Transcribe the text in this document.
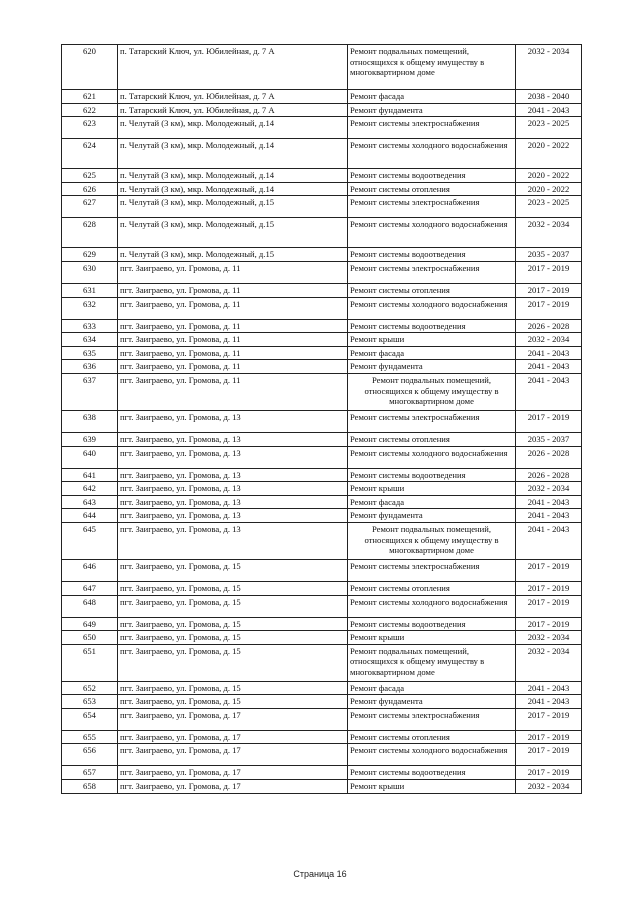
620	п. Татарский Ключ, ул. Юбилейная, д. 7 А	Ремонт подвальных помещений, относящихся к общему имуществу в многоквартирном доме	2032 - 2034
621	п. Татарский Ключ, ул. Юбилейная, д. 7 А	Ремонт фасада	2038 - 2040
622	п. Татарский Ключ, ул. Юбилейная, д. 7 А	Ремонт фундамента	2041 - 2043
623	п. Челутай (3 км), мкр. Молодежный, д.14	Ремонт системы электроснабжения	2023 - 2025
624	п. Челутай (3 км), мкр. Молодежный, д.14	Ремонт системы холодного водоснабжения	2020 - 2022
625	п. Челутай (3 км), мкр. Молодежный, д.14	Ремонт системы водоотведения	2020 - 2022
626	п. Челутай (3 км), мкр. Молодежный, д.14	Ремонт системы отопления	2020 - 2022
627	п. Челутай (3 км), мкр. Молодежный, д.15	Ремонт системы электроснабжения	2023 - 2025
628	п. Челутай (3 км), мкр. Молодежный, д.15	Ремонт системы холодного водоснабжения	2032 - 2034
629	п. Челутай (3 км), мкр. Молодежный, д.15	Ремонт системы водоотведения	2035 - 2037
630	пгт. Заиграево, ул. Громова, д. 11	Ремонт системы электроснабжения	2017 - 2019
631	пгт. Заиграево, ул. Громова, д. 11	Ремонт системы отопления	2017 - 2019
632	пгт. Заиграево, ул. Громова, д. 11	Ремонт системы холодного водоснабжения	2017 - 2019
633	пгт. Заиграево, ул. Громова, д. 11	Ремонт системы водоотведения	2026 - 2028
634	пгт. Заиграево, ул. Громова, д. 11	Ремонт крыши	2032 - 2034
635	пгт. Заиграево, ул. Громова, д. 11	Ремонт фасада	2041 - 2043
636	пгт. Заиграево, ул. Громова, д. 11	Ремонт фундамента	2041 - 2043
637	пгт. Заиграево, ул. Громова, д. 11	Ремонт подвальных помещений, относящихся к общему имуществу в многоквартирном доме	2041 - 2043
638	пгт. Заиграево, ул. Громова, д. 13	Ремонт системы электроснабжения	2017 - 2019
639	пгт. Заиграево, ул. Громова, д. 13	Ремонт системы отопления	2035 - 2037
640	пгт. Заиграево, ул. Громова, д. 13	Ремонт системы холодного водоснабжения	2026 - 2028
641	пгт. Заиграево, ул. Громова, д. 13	Ремонт системы водоотведения	2026 - 2028
642	пгт. Заиграево, ул. Громова, д. 13	Ремонт крыши	2032 - 2034
643	пгт. Заиграево, ул. Громова, д. 13	Ремонт фасада	2041 - 2043
644	пгт. Заиграево, ул. Громова, д. 13	Ремонт фундамента	2041 - 2043
645	пгт. Заиграево, ул. Громова, д. 13	Ремонт подвальных помещений, относящихся к общему имуществу в многоквартирном доме	2041 - 2043
646	пгт. Заиграево, ул. Громова, д. 15	Ремонт системы электроснабжения	2017 - 2019
647	пгт. Заиграево, ул. Громова, д. 15	Ремонт системы отопления	2017 - 2019
648	пгт. Заиграево, ул. Громова, д. 15	Ремонт системы холодного водоснабжения	2017 - 2019
649	пгт. Заиграево, ул. Громова, д. 15	Ремонт системы водоотведения	2017 - 2019
650	пгт. Заиграево, ул. Громова, д. 15	Ремонт крыши	2032 - 2034
651	пгт. Заиграево, ул. Громова, д. 15	Ремонт подвальных помещений, относящихся к общему имуществу в многоквартирном доме	2032 - 2034
652	пгт. Заиграево, ул. Громова, д. 15	Ремонт фасада	2041 - 2043
653	пгт. Заиграево, ул. Громова, д. 15	Ремонт фундамента	2041 - 2043
654	пгт. Заиграево, ул. Громова, д. 17	Ремонт системы электроснабжения	2017 - 2019
655	пгт. Заиграево, ул. Громова, д. 17	Ремонт системы отопления	2017 - 2019
656	пгт. Заиграево, ул. Громова, д. 17	Ремонт системы холодного водоснабжения	2017 - 2019
657	пгт. Заиграево, ул. Громова, д. 17	Ремонт системы водоотведения	2017 - 2019
658	пгт. Заиграево, ул. Громова, д. 17	Ремонт крыши	2032 - 2034
Страница 16
